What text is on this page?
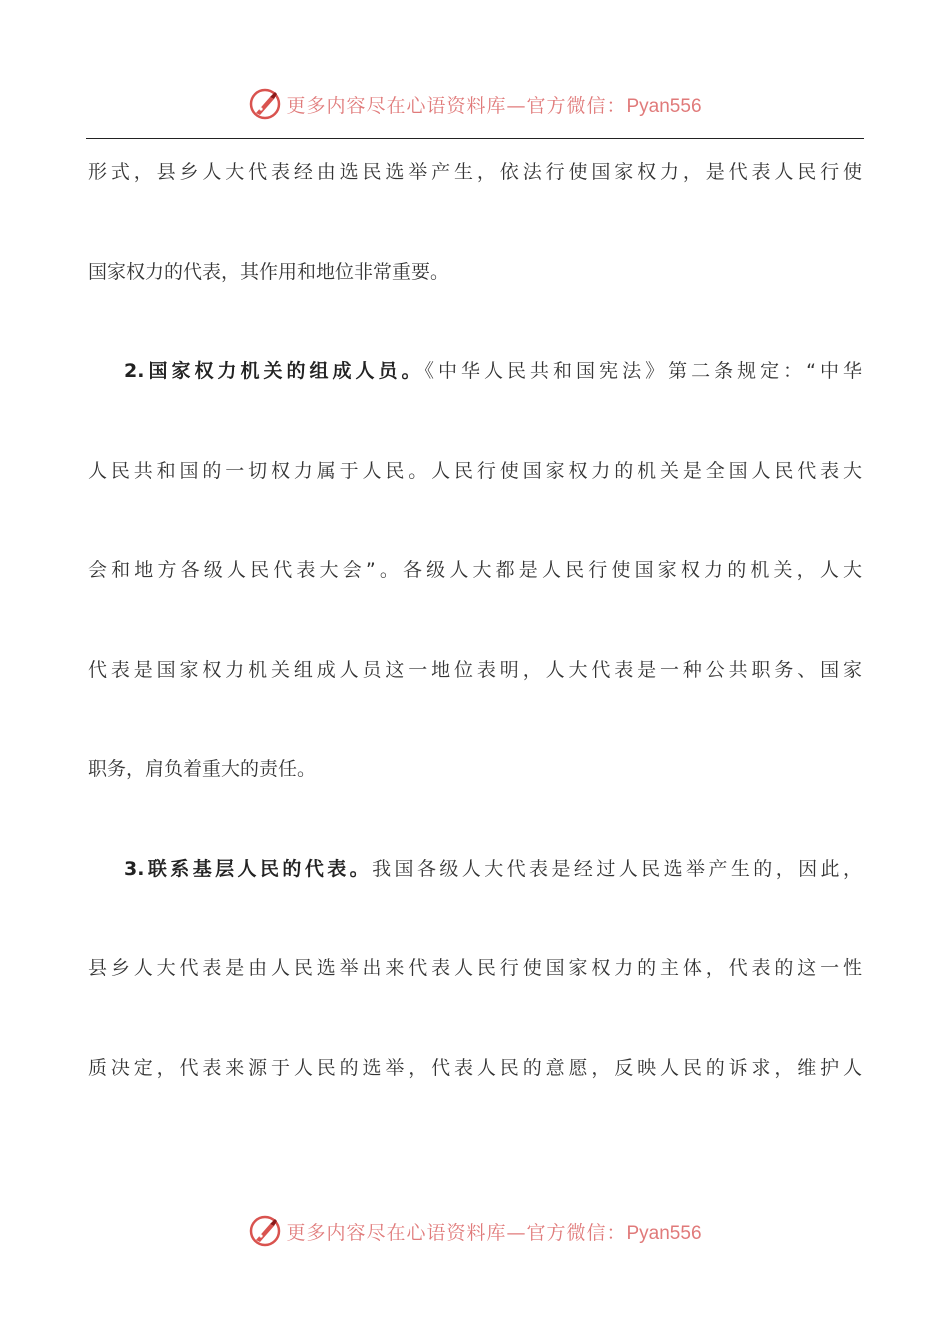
更多内容尽在心语资料库—官方微信：Pyan556
形式，县乡人大代表经由选民选举产生，依法行使国家权力，是代表人民行使
国家权力的代表，其作用和地位非常重要。
2.国家权力机关的组成人员。《中华人民共和国宪法》第二条规定：“中华
人民共和国的一切权力属于人民。人民行使国家权力的机关是全国人民代表大
会和地方各级人民代表大会”。各级人大都是人民行使国家权力的机关，人大
代表是国家权力机关组成人员这一地位表明，人大代表是一种公共职务、国家
职务，肩负着重大的责任。
3.联系基层人民的代表。我国各级人大代表是经过人民选举产生的，因此，
县乡人大代表是由人民选举出来代表人民行使国家权力的主体，代表的这一性
质决定，代表来源于人民的选举，代表人民的意愿，反映人民的诉求，维护人
更多内容尽在心语资料库—官方微信：Pyan556
